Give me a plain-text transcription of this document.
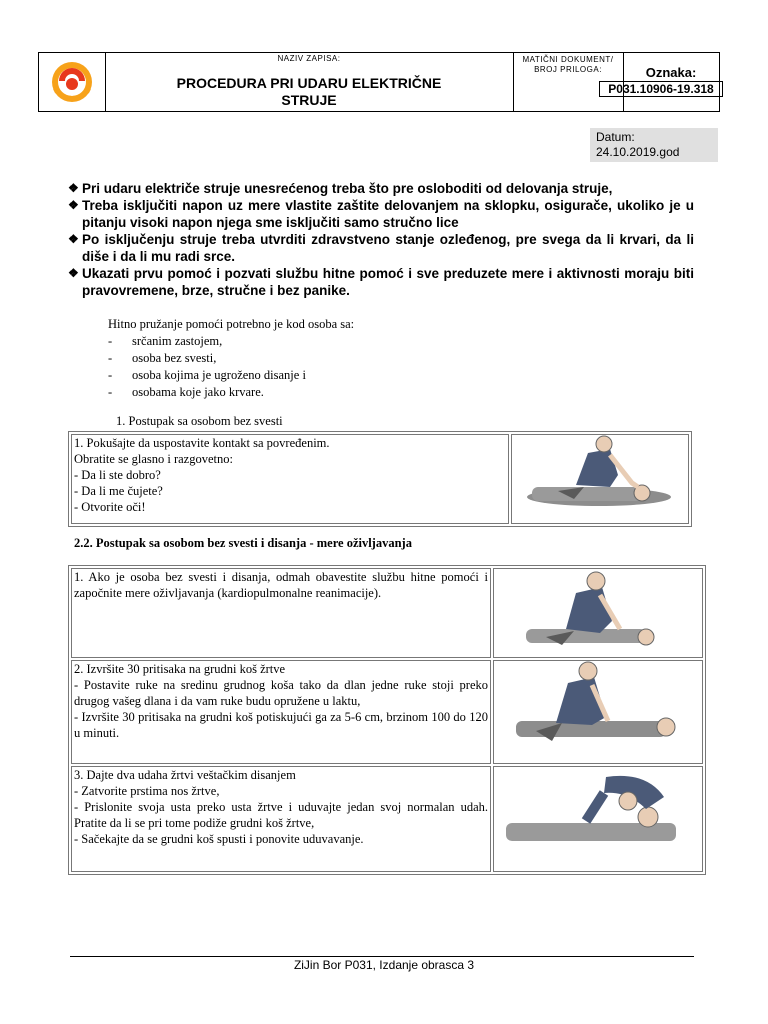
NAZIV ZAPISA:
PROCEDURA PRI UDARU ELEKTRIČNE
STRUJE
MATIČNI DOKUMENT/
BROJ PRILOGA:	Oznaka:
P031.10906-19.318
Datum:
24.10.2019.god
❖ Pri udaru električe struje unesrećenog treba što pre osloboditi od delovanja struje,
❖ Treba isključiti napon uz mere vlastite zaštite delovanjem na sklopku, osigurače, ukoliko je u pitanju visoki napon njega sme isključiti samo stručno lice
❖ Po isključenju struje treba utvrditi zdravstveno stanje ozleđenog, pre svega da li krvari, da li diše i da li mu radi srce.
❖ Ukazati prvu pomoć i pozvati službu hitne pomoć i sve preduzete mere i aktivnosti moraju biti pravovremene, brze, stručne i bez panike.
Hitno pružanje pomoći potrebno je kod osoba sa:
-	srčanim zastojem,
-	osoba bez svesti,
-	osoba kojima je ugroženo disanje i
-	osobama koje jako krvare.
1. Postupak sa osobom bez svesti
1. Pokušajte da uspostavite kontakt sa povređenim.
Obratite se glasno i razgovetno:
- Da li ste dobro?
- Da li me čujete?
- Otvorite oči!

2.2. Postupak sa osobom bez svesti i disanja - mere oživljavanja
1. Ako je osoba bez svesti i disanja, odmah obavestite službu hitne pomoći i započnite mere oživljavanja (kardiopulmonalne reanimacije).

2. Izvršite 30 pritisaka na grudni koš žrtve
- Postavite ruke na sredinu grudnog koša tako da dlan jedne ruke stoji preko drugog vašeg dlana i da vam ruke budu opružene u laktu,
- Izvršite 30 pritisaka na grudni koš potiskujući ga za 5-6 cm, brzinom 100 do 120 u minuti.

3. Dajte dva udaha žrtvi veštačkim disanjem
- Zatvorite prstima nos žrtve,
- Prislonite svoja usta preko usta žrtve i uduvajte jedan svoj normalan udah. Pratite da li se pri tome podiže grudni koš žrtve,
- Sačekajte da se grudni koš spusti i ponovite uduvavanje.

ZiJin Bor P031, Izdanje obrasca 3
